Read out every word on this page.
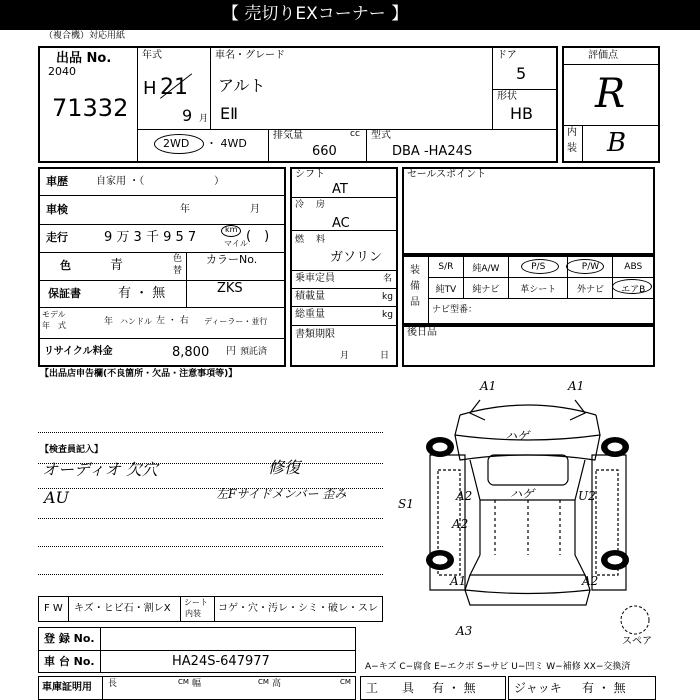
【 売切りEXコーナー 】
（複合機）対応用紙
出品 No.
2040
71332
年式
H 21
9 月
車名・グレード
アルト
EⅡ
ドア
5
形状
HB
2WD ・ 4WD
排気量	cc
660
型式
DBA -HA24S
評価点
R
内
装 B
車歴	自家用 ・（　　　　　　　）
車検	年	月
走行	9 万 3 千 9 5 7
km
マイル
(　)
色	青	色
替
カラーNo.
ZKS
保証書	有 ・ 無
モデル
年　式	年 ハンドル 左 ・ 右 ディーラー・並行
リサイクル料金	8,800 円 預託済
シフト
AT
冷 房
AC
燃 料
ガソリン
乗車定員	名
積載量	kg
総重量	kg
書類期限
月	日
セールスポイント
装
備
品
S/R	純A/W	P/S	P/W	ABS
純TV	純ナビ	革シート	外ナビ	エアB
ナビ型番：
後日品
【出品店申告欄(不良箇所・欠品・注意事項等)】
【検査員記入】
オーディオ 欠穴	修復
AU	左Fサイドメンバー 歪み
A1	A1
ハゲ
ハゲ
A2
A2
U2
S1
A1	A2
A3
スペア
F W キズ・ヒビ石・割レX
シート
内装 コゲ・穴・汚レ・シミ・破レ・スレ
登 録 No.
車 台 No.	HA24S-647977	A−キズ C−腐食 E−エクボ S−サビ U−凹ミ W−補修 XX−交換済
車庫証明用 長	CM 幅	CM 高	CM 工　　具 有 ・ 無	ジャッキ 有 ・ 無
